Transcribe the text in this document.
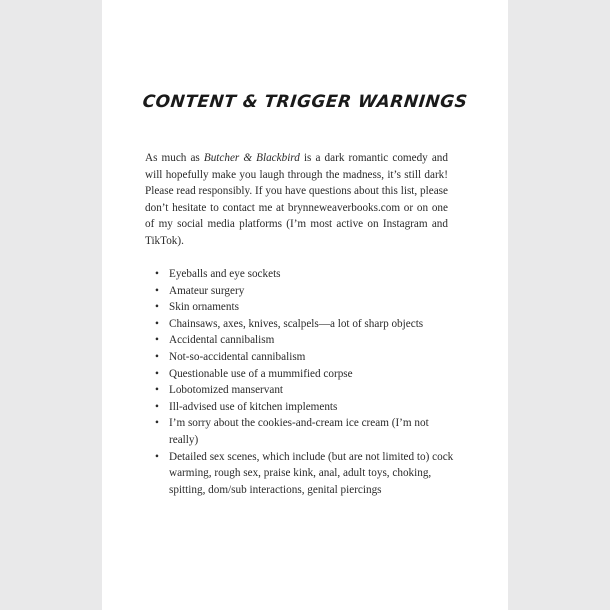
CONTENT & TRIGGER WARNINGS

As much as Butcher & Blackbird is a dark romantic comedy and will hopefully make you laugh through the madness, it’s still dark! Please read responsibly. If you have questions about this list, please don’t hesitate to contact me at brynneweaverbooks.com or on one of my social media platforms (I’m most active on Instagram and TikTok).

• Eyeballs and eye sockets
• Amateur surgery
• Skin ornaments
• Chainsaws, axes, knives, scalpels—a lot of sharp objects
• Accidental cannibalism
• Not-so-accidental cannibalism
• Questionable use of a mummified corpse
• Lobotomized manservant
• Ill-advised use of kitchen implements
• I’m sorry about the cookies-and-cream ice cream (I’m not really)
• Detailed sex scenes, which include (but are not limited to) cock warming, rough sex, praise kink, anal, adult toys, choking, spitting, dom/sub interactions, genital piercings
